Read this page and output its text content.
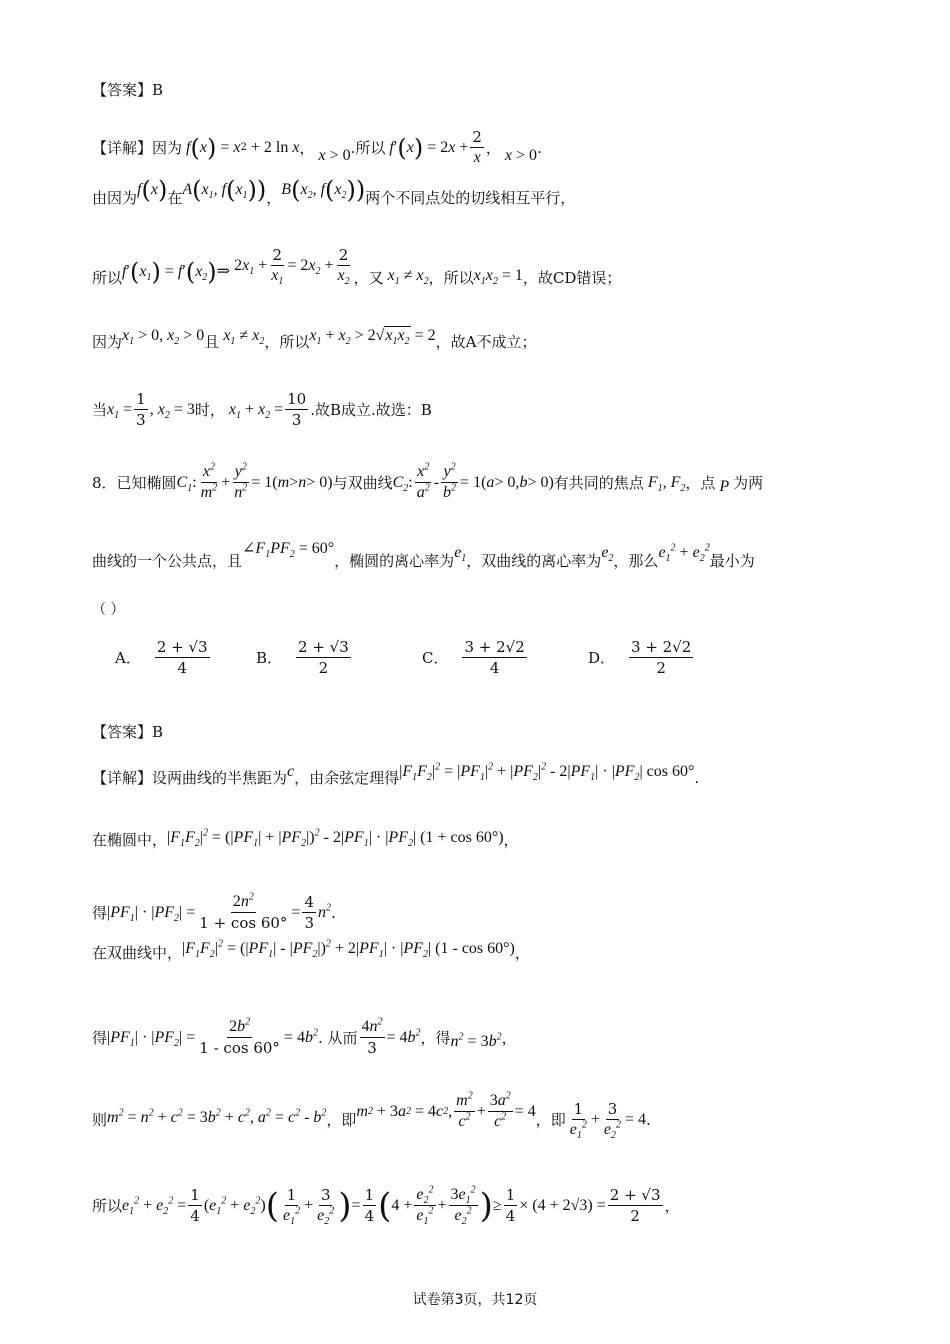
【答案】B
【详解】 因为 f ( x ) = x 2 + 2 ln x ， x > 0 .所以 f ′ ( x ) = 2 $x + \frac{2}{x}$ ， x > 0 .
由因为 f ( x ) 在 A ( $x_1$, f ( $x_1$ )) ， B ( $x_2$, f ( $x_2$ )) 两个不同点处的切线相互平行，
所以 f ′ ( $x_1$ ) = f ′ ( $x_2$ ) ⇒ 2 $x_1 + \frac{2}{x_1} = 2$ $x_2 + \frac{2}{x_2}$ ，又 $x_1 \ne x_2$ ，所以 $x_1x_2 = 1$ ，故CD错误；
因为 $x_1 > 0$, $x_2 > 0$ 且 $x_1 \ne x_2$ ，所以 $x_1 + x_2 > 2√x_1x_2 = 2$ ，故A不成立；
当 $x_1 = \frac{1}{3}$ , $x_2 = 3$ 时， $x_1 + x_2 = \frac{10}{3}$ .故B成立.故选：B
8．已知椭圆 $C_1$ : $\frac{x^2}{m^2} + \frac{y^2}{n^2} = 1$( m > n > 0) 与双曲线 $C_2$ : $\frac{x^2}{a^2} - \frac{y^2}{b^2} = 1$( a > 0, b > 0) 有共同的焦点 $F_1$, $F_2$ ，点 P 为两
曲线的一个公共点，且
$\angle F_1PF_2 = 60^\circ$
，椭圆的离心率为 $e_1$ ，双曲线的离心率为 $e_2$ ，那么 $e_1^2 + e_2^2$
最小为
（ ）
A． $\frac{2 + √3}{4}$	B． $\frac{2 + √3}{2}$	C． $\frac{3 + 2√2}{4}$	D． $\frac{3 + 2√2}{2}$
【答案】B
【详解】 设两曲线的半焦距为 c ，由余弦定理得 $|F_1F_2|^2 = |PF_1|^2 + |PF_2|^2 - 2|PF_1| \cdot |PF_2|$ cos 60° .
在椭圆中， $|F_1F_2|^2 = (|PF_1| + |PF_2|)^2 - 2|PF_1| \cdot |PF_2|$ (1 + cos 60°) ，
得 $|PF_1| \cdot |PF_2| = \frac{2n^2}{1 + \cos 60^\circ} = \frac{4}{3} n^2$ .
在双曲线中， $|F_1F_2|^2 = (|PF_1| - |PF_2|)^2 + 2|PF_1| \cdot |PF_2|$ (1 - cos 60°) ，
得 $|PF_1| \cdot |PF_2| = \frac{2b^2}{1 - \cos 60^\circ} = 4$ $b^2$ . 从而 $\frac{4n^2}{3} = 4$ $b^2$ ，得 $n^2 = 3b^2$ ，
则 $m^2 = n^2 + c^2 = 3b^2 + c^2$, $a^2 = c^2 - b^2$ ，即 m 2
+ 3 a 2
= 4 c 2 , $\frac{m^2}{c^2} + \frac{3a^2}{c^2} = 4$ ，即 $\frac{1}{e_1^2} + \frac{3}{e_2^2} = 4$ .
所以 $e_1^2 + e_2^2 = \frac{1}{4} (e_1^2 + e_2^2)$ ( $\frac{1}{e_1^2} + \frac{3}{e_2^2}$ ) = $\frac{1}{4}$ ( $4 + \frac{e_2^2}{e_1^2} + \frac{3e_1^2}{e_2^2}$ ) ≥ $\frac{1}{4} \times (4 + 2√3) = \frac{2 + √3}{2}$ ，
试卷第3页，共12页
